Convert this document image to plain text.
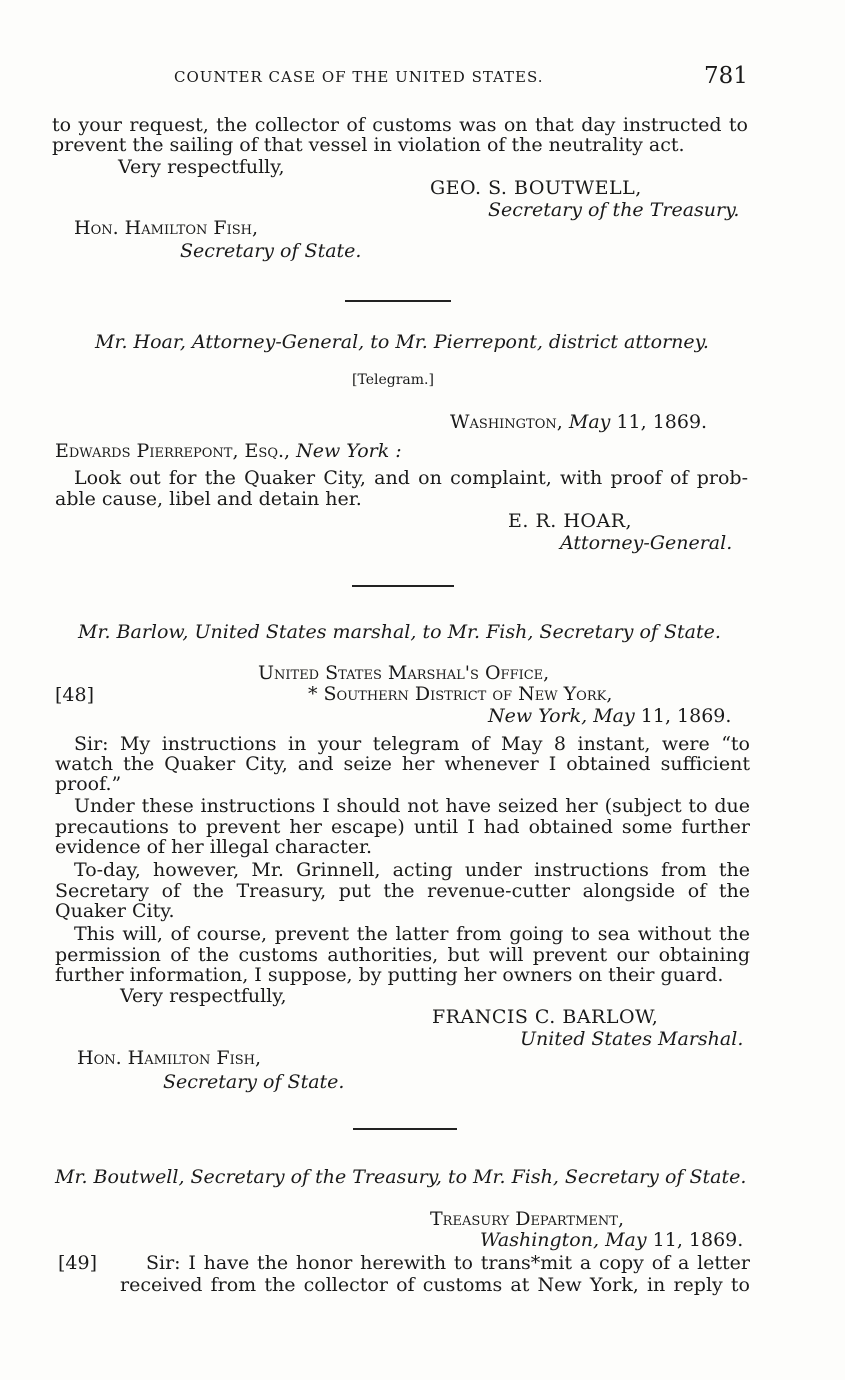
COUNTER CASE OF THE UNITED STATES.	781
to your request, the collector of customs was on that day instructed to
prevent the sailing of that vessel in violation of the neutrality act.
Very respectfully,
GEO. S. BOUTWELL,
Secretary of the Treasury.
Hon. Hamilton Fish,
Secretary of State.
Mr. Hoar, Attorney-General, to Mr. Pierrepont, district attorney.
[Telegram.]
Washington, May 11, 1869.
Edwards Pierrepont, Esq., New York :
Look out for the Quaker City, and on complaint, with proof of prob-
able cause, libel and detain her.
E. R. HOAR,
Attorney-General.
Mr. Barlow, United States marshal, to Mr. Fish, Secretary of State.
United States Marshal's Office,
[48]	* Southern District of New York,
New York, May 11, 1869.
Sir: My instructions in your telegram of May 8 instant, were “to
watch the Quaker City, and seize her whenever I obtained sufficient
proof.”
Under these instructions I should not have seized her (subject to due
precautions to prevent her escape) until I had obtained some further
evidence of her illegal character.
To-day, however, Mr. Grinnell, acting under instructions from the
Secretary of the Treasury, put the revenue-cutter alongside of the
Quaker City.
This will, of course, prevent the latter from going to sea without the
permission of the customs authorities, but will prevent our obtaining
further information, I suppose, by putting her owners on their guard.
Very respectfully,
FRANCIS C. BARLOW,
United States Marshal.
Hon. Hamilton Fish,
Secretary of State.
Mr. Boutwell, Secretary of the Treasury, to Mr. Fish, Secretary of State.
Treasury Department,
Washington, May 11, 1869.
[49]	Sir: I have the honor herewith to trans*mit a copy of a letter
received from the collector of customs at New York, in reply to
